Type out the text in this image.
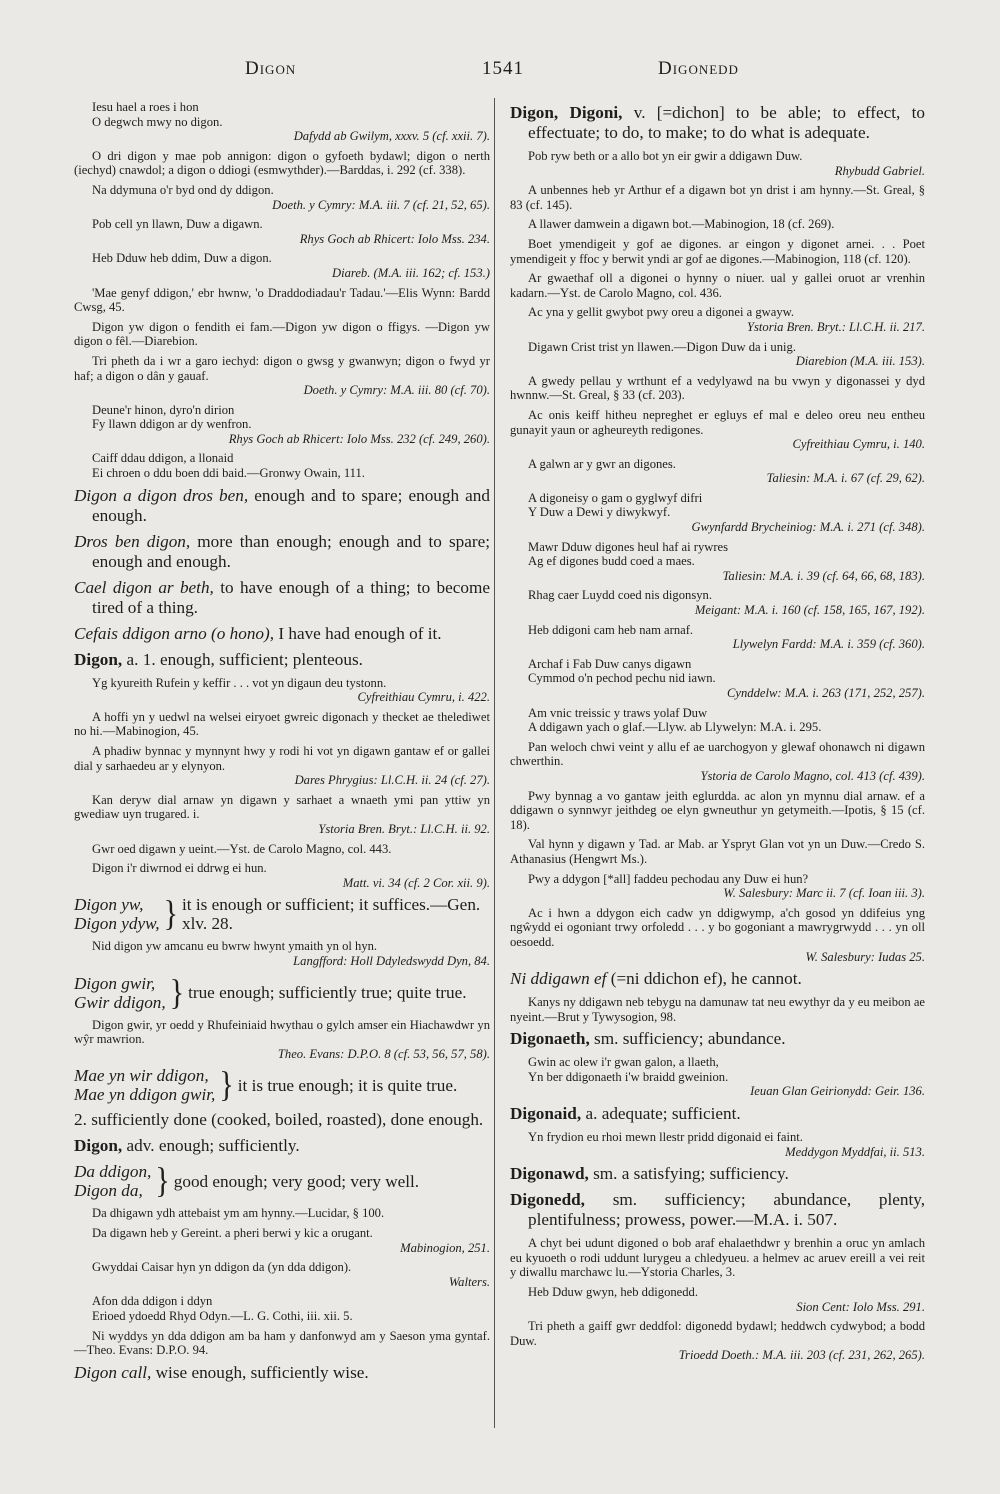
Digon	1541	Digonedd
Iesu hael a roes i hon
O degwch mwy no digon.
Dafydd ab Gwilym, xxxv. 5 (cf. xxii. 7).
O dri digon y mae pob annigon: digon o gyfoeth bydawl; digon o nerth (iechyd) cnawdol; a digon o ddiogi (esmwythder).—Barddas, i. 292 (cf. 338).
Na ddymuna o'r byd ond dy ddigon.
Doeth. y Cymry: M.A. iii. 7 (cf. 21, 52, 65).
Pob cell yn llawn, Duw a digawn.
Rhys Goch ab Rhicert: Iolo Mss. 234.
Heb Dduw heb ddim, Duw a digon.
Diareb. (M.A. iii. 162; cf. 153.)
'Mae genyf ddigon,' ebr hwnw, 'o Draddodiadau'r Tadau.'—Elis Wynn: Bardd Cwsg, 45.
Digon yw digon o fendith ei fam.—Digon yw digon o ffigys. —Digon yw digon o fêl.—Diarebion.
Tri pheth da i wr a garo iechyd: digon o gwsg y gwanwyn; digon o fwyd yr haf; a digon o dân y gauaf.
Doeth. y Cymry: M.A. iii. 80 (cf. 70).
Deune'r hinon, dyro'n dirion
Fy llawn ddigon ar dy wenfron.
Rhys Goch ab Rhicert: Iolo Mss. 232 (cf. 249, 260).
Caiff ddau ddigon, a llonaid
Ei chroen o ddu boen ddi baid.—Gronwy Owain, 111.
Digon a digon dros ben, enough and to spare; enough and enough.
Dros ben digon, more than enough; enough and to spare; enough and enough.
Cael digon ar beth, to have enough of a thing; to become tired of a thing.
Cefais ddigon arno (o hono), I have had enough of it.
Digon, a. 1. enough, sufficient; plenteous.
Yg kyureith Rufein y keffir . . . vot yn digaun deu tystonn.
Cyfreithiau Cymru, i. 422.
A hoffi yn y uedwl na welsei eiryoet gwreic digonach y thecket ae thelediwet no hi.—Mabinogion, 45.
A phadiw bynnac y mynnynt hwy y rodi hi vot yn digawn gantaw ef or gallei dial y sarhaedeu ar y elynyon.
Dares Phrygius: Ll.C.H. ii. 24 (cf. 27).
Kan deryw dial arnaw yn digawn y sarhaet a wnaeth ymi pan yttiw yn gwediaw uyn trugared. i.
Ystoria Bren. Bryt.: Ll.C.H. ii. 92.
Gwr oed digawn y ueint.—Yst. de Carolo Magno, col. 443.
Digon i'r diwrnod ei ddrwg ei hun.
Matt. vi. 34 (cf. 2 Cor. xii. 9).
Digon yw,
Digon ydyw, } it is enough or sufficient; it suffices.—Gen. xlv. 28.
Nid digon yw amcanu eu bwrw hwynt ymaith yn ol hyn.
Langfford: Holl Ddyledswydd Dyn, 84.
Digon gwir,
Gwir ddigon, } true enough; sufficiently true; quite true.
Digon gwir, yr oedd y Rhufeiniaid hwythau o gylch amser ein Hiachawdwr yn wŷr mawrion.
Theo. Evans: D.P.O. 8 (cf. 53, 56, 57, 58).
Mae yn wir ddigon,
Mae yn ddigon gwir, } it is true enough; it is quite true.
2. sufficiently done (cooked, boiled, roasted), done enough.
Digon, adv. enough; sufficiently.
Da ddigon,
Digon da, } good enough; very good; very well.
Da dhigawn ydh attebaist ym am hynny.—Lucidar, § 100.
Da digawn heb y Gereint. a pheri berwi y kic a orugant.
Mabinogion, 251.
Gwyddai Caisar hyn yn ddigon da (yn dda ddigon).
Walters.
Afon dda ddigon i ddyn
Erioed ydoedd Rhyd Odyn.—L. G. Cothi, iii. xii. 5.
Ni wyddys yn dda ddigon am ba ham y danfonwyd am y Saeson yma gyntaf.—Theo. Evans: D.P.O. 94.
Digon call, wise enough, sufficiently wise.
Digon, Digoni, v. [=dichon] to be able; to effect, to effectuate; to do, to make; to do what is adequate.
Pob ryw beth or a allo bot yn eir gwir a ddigawn Duw.
Rhybudd Gabriel.
A unbennes heb yr Arthur ef a digawn bot yn drist i am hynny.—St. Greal, § 83 (cf. 145).
A llawer damwein a digawn bot.—Mabinogion, 18 (cf. 269).
Boet ymendigeit y gof ae digones. ar eingon y digonet arnei. . . Poet ymendigeit y ffoc y berwit yndi ar gof ae digones.—Mabinogion, 118 (cf. 120).
Ar gwaethaf oll a digonei o hynny o niuer. ual y gallei oruot ar vrenhin kadarn.—Yst. de Carolo Magno, col. 436.
Ac yna y gellit gwybot pwy oreu a digonei a gwayw.
Ystoria Bren. Bryt.: Ll.C.H. ii. 217.
Digawn Crist trist yn llawen.—Digon Duw da i unig.
Diarebion (M.A. iii. 153).
A gwedy pellau y wrthunt ef a vedylyawd na bu vwyn y digonassei y dyd hwnnw.—St. Greal, § 33 (cf. 203).
Ac onis keiff hitheu nepreghet er egluys ef mal e deleo oreu neu entheu gunayit yaun or agheureyth redigones.
Cyfreithiau Cymru, i. 140.
A galwn ar y gwr an digones.
Taliesin: M.A. i. 67 (cf. 29, 62).
A digoneisy o gam o gyglwyf difri
Y Duw a Dewi y diwykwyf.
Gwynfardd Brycheiniog: M.A. i. 271 (cf. 348).
Mawr Dduw digones heul haf ai rywres
Ag ef digones budd coed a maes.
Taliesin: M.A. i. 39 (cf. 64, 66, 68, 183).
Rhag caer Luydd coed nis digonsyn.
Meigant: M.A. i. 160 (cf. 158, 165, 167, 192).
Heb ddigoni cam heb nam arnaf.
Llywelyn Fardd: M.A. i. 359 (cf. 360).
Archaf i Fab Duw canys digawn
Cymmod o'n pechod pechu nid iawn.
Cynddelw: M.A. i. 263 (171, 252, 257).
Am vnic treissic y traws yolaf Duw
A ddigawn yach o glaf.—Llyw. ab Llywelyn: M.A. i. 295.
Pan weloch chwi veint y allu ef ae uarchogyon y glewaf ohonawch ni digawn chwerthin.
Ystoria de Carolo Magno, col. 413 (cf. 439).
Pwy bynnag a vo gantaw jeith eglurdda. ac alon yn mynnu dial arnaw. ef a ddigawn o synnwyr jeithdeg oe elyn gwneuthur yn getymeith.—Ipotis, § 15 (cf. 18).
Val hynn y digawn y Tad. ar Mab. ar Yspryt Glan vot yn un Duw.—Credo S. Athanasius (Hengwrt Ms.).
Pwy a ddygon [*all] faddeu pechodau any Duw ei hun?
W. Salesbury: Marc ii. 7 (cf. Ioan iii. 3).
Ac i hwn a ddygon eich cadw yn ddigwymp, a'ch gosod yn ddifeius yng ngŵydd ei ogoniant trwy orfoledd . . . y bo gogoniant a mawrygrwydd . . . yn oll oesoedd.
W. Salesbury: Iudas 25.
Ni ddigawn ef (=ni ddichon ef), he cannot.
Kanys ny ddigawn neb tebygu na damunaw tat neu ewythyr da y eu meibon ae nyeint.—Brut y Tywysogion, 98.
Digonaeth, sm. sufficiency; abundance.
Gwin ac olew i'r gwan galon, a llaeth,
Yn ber ddigonaeth i'w braidd gweinion.
Ieuan Glan Geirionydd: Geir. 136.
Digonaid, a. adequate; sufficient.
Yn frydion eu rhoi mewn llestr pridd digonaid ei faint.
Meddygon Myddfai, ii. 513.
Digonawd, sm. a satisfying; sufficiency.
Digonedd, sm. sufficiency; abundance, plenty, plentifulness; prowess, power.—M.A. i. 507.
A chyt bei udunt digoned o bob araf ehalaethdwr y brenhin a oruc yn amlach eu kyuoeth o rodi uddunt lurygeu a chledyueu. a helmev ac aruev ereill a vei reit y diwallu marchawc lu.—Ystoria Charles, 3.
Heb Dduw gwyn, heb ddigonedd.
Sion Cent: Iolo Mss. 291.
Tri pheth a gaiff gwr deddfol: digonedd bydawl; heddwch cydwybod; a bodd Duw.
Trioedd Doeth.: M.A. iii. 203 (cf. 231, 262, 265).
